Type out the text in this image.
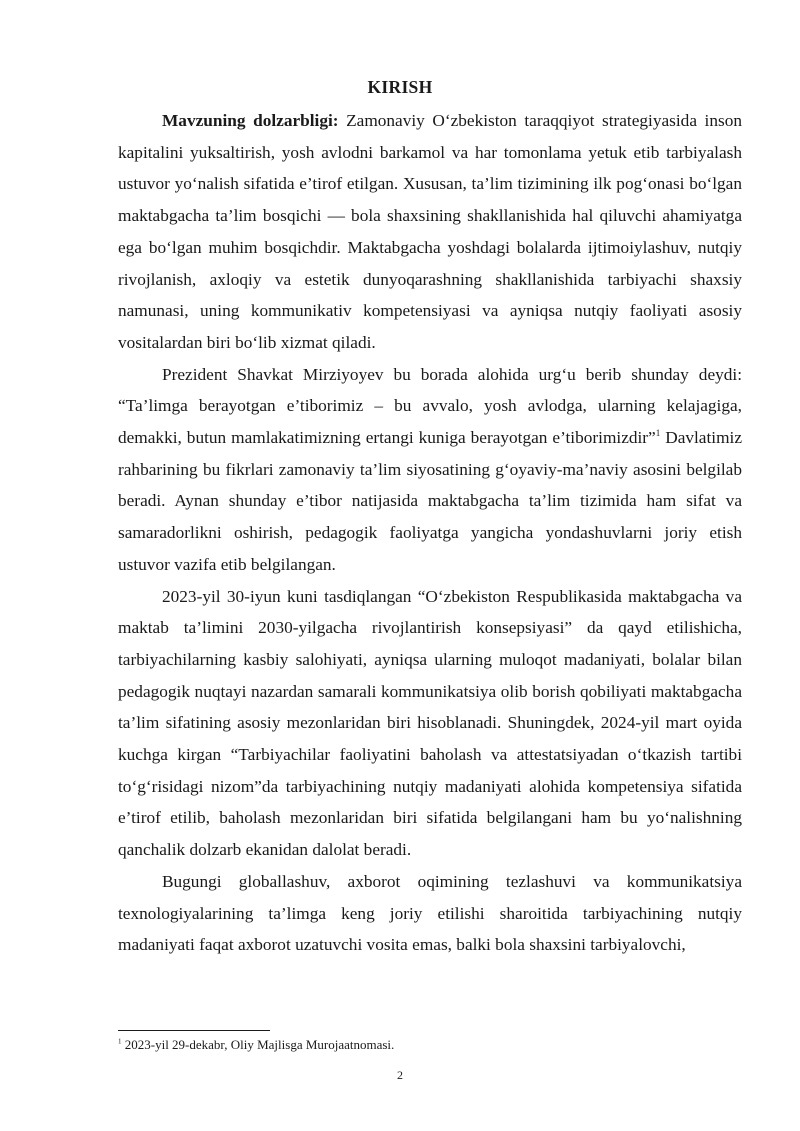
KIRISH

Mavzuning dolzarbligi: Zamonaviy O‘zbekiston taraqqiyot strategiyasida inson kapitalini yuksaltirish, yosh avlodni barkamol va har tomonlama yetuk etib tarbiyalash ustuvor yo‘nalish sifatida e’tirof etilgan. Xususan, ta’lim tizimining ilk pog‘onasi bo‘lgan maktabgacha ta’lim bosqichi — bola shaxsining shakllanishida hal qiluvchi ahamiyatga ega bo‘lgan muhim bosqichdir. Maktabgacha yoshdagi bolalarda ijtimoiylashuv, nutqiy rivojlanish, axloqiy va estetik dunyoqarashning shakllanishida tarbiyachi shaxsiy namunasi, uning kommunikativ kompetensiyasi va ayniqsa nutqiy faoliyati asosiy vositalardan biri bo‘lib xizmat qiladi.

Prezident Shavkat Mirziyoyev bu borada alohida urg‘u berib shunday deydi: “Ta’limga berayotgan e’tiborimiz – bu avvalo, yosh avlodga, ularning kelajagiga, demakki, butun mamlakatimizning ertangi kuniga berayotgan e’tiborimizdir”$^1$ Davlatimiz rahbarining bu fikrlari zamonaviy ta’lim siyosatining g‘oyaviy-ma’naviy asosini belgilab beradi. Aynan shunday e’tibor natijasida maktabgacha ta’lim tizimida ham sifat va samaradorlikni oshirish, pedagogik faoliyatga yangicha yondashuvlarni joriy etish ustuvor vazifa etib belgilangan.

2023-yil 30-iyun kuni tasdiqlangan “O‘zbekiston Respublikasida maktabgacha va maktab ta’limini 2030-yilgacha rivojlantirish konsepsiyasi” da qayd etilishicha, tarbiyachilarning kasbiy salohiyati, ayniqsa ularning muloqot madaniyati, bolalar bilan pedagogik nuqtayi nazardan samarali kommunikatsiya olib borish qobiliyati maktabgacha ta’lim sifatining asosiy mezonlaridan biri hisoblanadi. Shuningdek, 2024-yil mart oyida kuchga kirgan “Tarbiyachilar faoliyatini baholash va attestatsiyadan o‘tkazish tartibi to‘g‘risidagi nizom”da tarbiyachining nutqiy madaniyati alohida kompetensiya sifatida e’tirof etilib, baholash mezonlaridan biri sifatida belgilangani ham bu yo‘nalishning qanchalik dolzarb ekanidan dalolat beradi.

Bugungi globallashuv, axborot oqimining tezlashuvi va kommunikatsiya texnologiyalarining ta’limga keng joriy etilishi sharoitida tarbiyachining nutqiy madaniyati faqat axborot uzatuvchi vosita emas, balki bola shaxsini tarbiyalovchi,

$^1$ 2023-yil 29-dekabr, Oliy Majlisga Murojaatnomasi.
2
